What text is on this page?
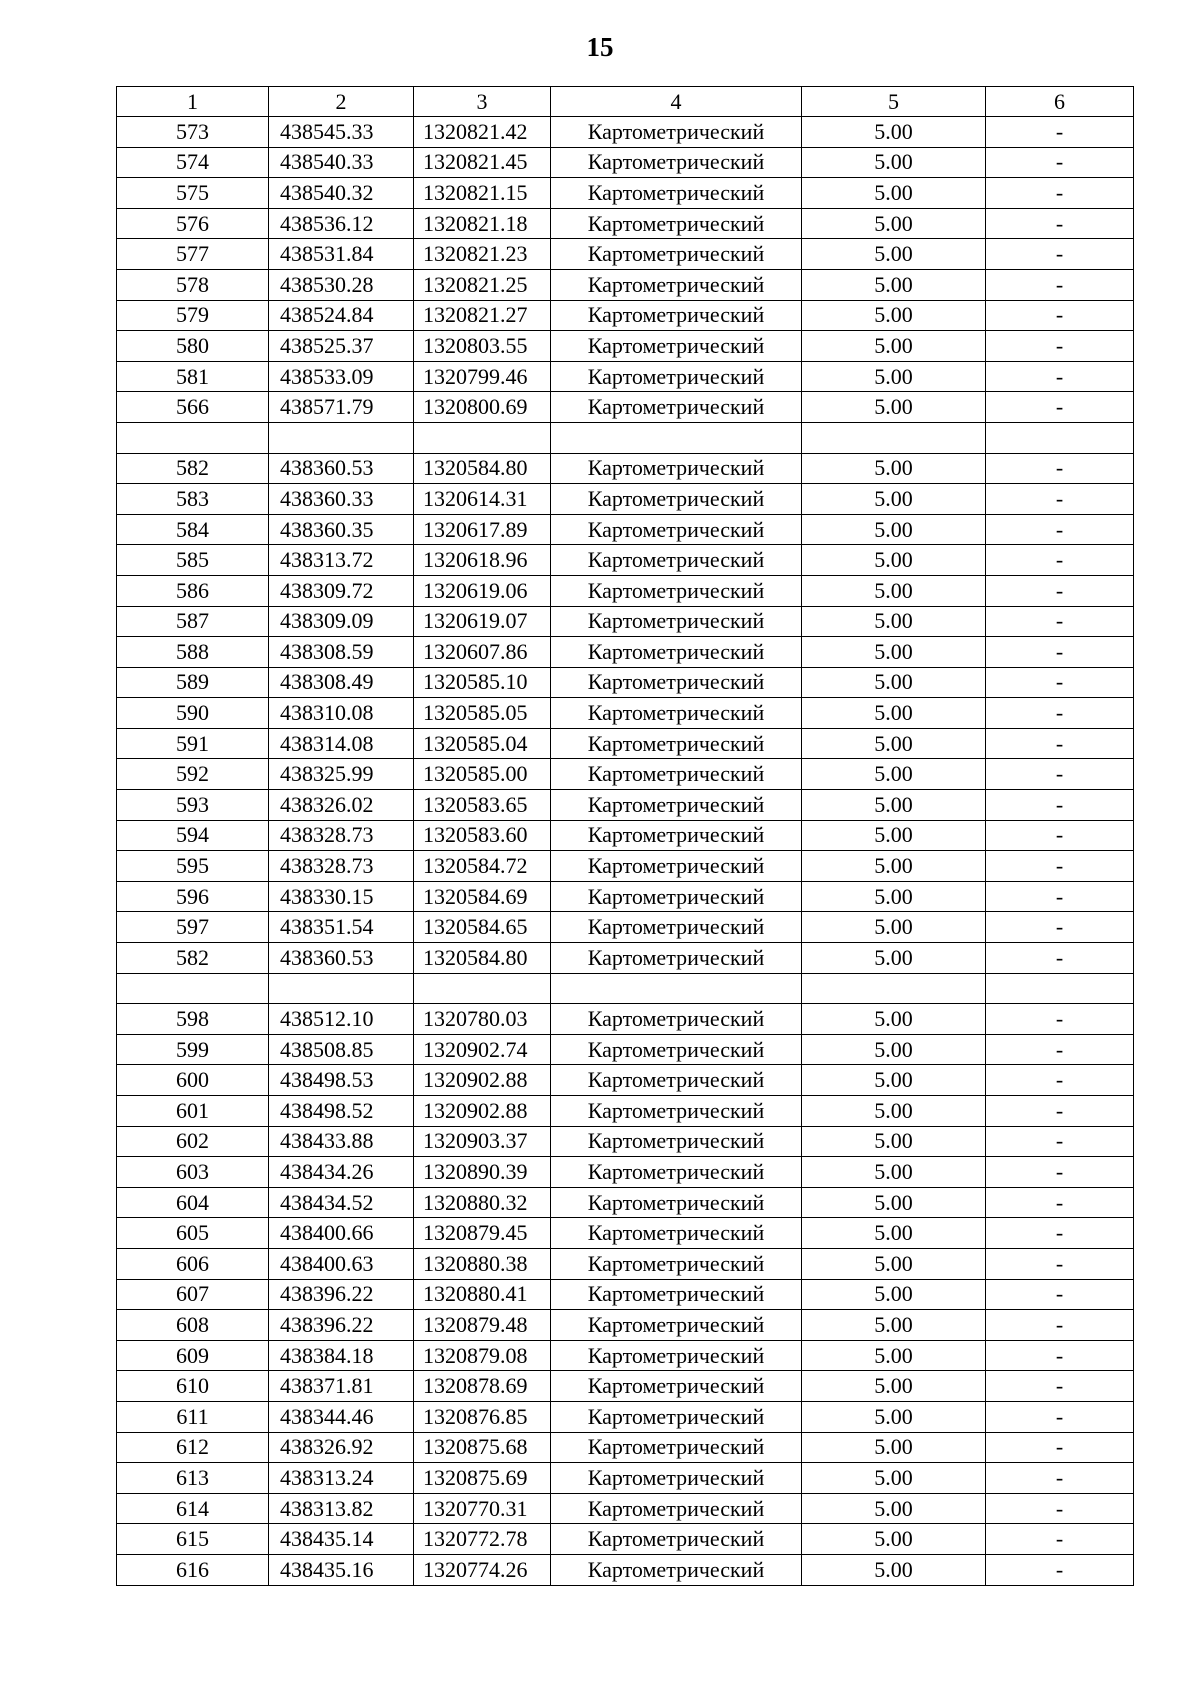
15
1	2	3	4	5	6
573	438545.33	1320821.42	Картометрический	5.00	-
574	438540.33	1320821.45	Картометрический	5.00	-
575	438540.32	1320821.15	Картометрический	5.00	-
576	438536.12	1320821.18	Картометрический	5.00	-
577	438531.84	1320821.23	Картометрический	5.00	-
578	438530.28	1320821.25	Картометрический	5.00	-
579	438524.84	1320821.27	Картометрический	5.00	-
580	438525.37	1320803.55	Картометрический	5.00	-
581	438533.09	1320799.46	Картометрический	5.00	-
566	438571.79	1320800.69	Картометрический	5.00	-

582	438360.53	1320584.80	Картометрический	5.00	-
583	438360.33	1320614.31	Картометрический	5.00	-
584	438360.35	1320617.89	Картометрический	5.00	-
585	438313.72	1320618.96	Картометрический	5.00	-
586	438309.72	1320619.06	Картометрический	5.00	-
587	438309.09	1320619.07	Картометрический	5.00	-
588	438308.59	1320607.86	Картометрический	5.00	-
589	438308.49	1320585.10	Картометрический	5.00	-
590	438310.08	1320585.05	Картометрический	5.00	-
591	438314.08	1320585.04	Картометрический	5.00	-
592	438325.99	1320585.00	Картометрический	5.00	-
593	438326.02	1320583.65	Картометрический	5.00	-
594	438328.73	1320583.60	Картометрический	5.00	-
595	438328.73	1320584.72	Картометрический	5.00	-
596	438330.15	1320584.69	Картометрический	5.00	-
597	438351.54	1320584.65	Картометрический	5.00	-
582	438360.53	1320584.80	Картометрический	5.00	-

598	438512.10	1320780.03	Картометрический	5.00	-
599	438508.85	1320902.74	Картометрический	5.00	-
600	438498.53	1320902.88	Картометрический	5.00	-
601	438498.52	1320902.88	Картометрический	5.00	-
602	438433.88	1320903.37	Картометрический	5.00	-
603	438434.26	1320890.39	Картометрический	5.00	-
604	438434.52	1320880.32	Картометрический	5.00	-
605	438400.66	1320879.45	Картометрический	5.00	-
606	438400.63	1320880.38	Картометрический	5.00	-
607	438396.22	1320880.41	Картометрический	5.00	-
608	438396.22	1320879.48	Картометрический	5.00	-
609	438384.18	1320879.08	Картометрический	5.00	-
610	438371.81	1320878.69	Картометрический	5.00	-
611	438344.46	1320876.85	Картометрический	5.00	-
612	438326.92	1320875.68	Картометрический	5.00	-
613	438313.24	1320875.69	Картометрический	5.00	-
614	438313.82	1320770.31	Картометрический	5.00	-
615	438435.14	1320772.78	Картометрический	5.00	-
616	438435.16	1320774.26	Картометрический	5.00	-
